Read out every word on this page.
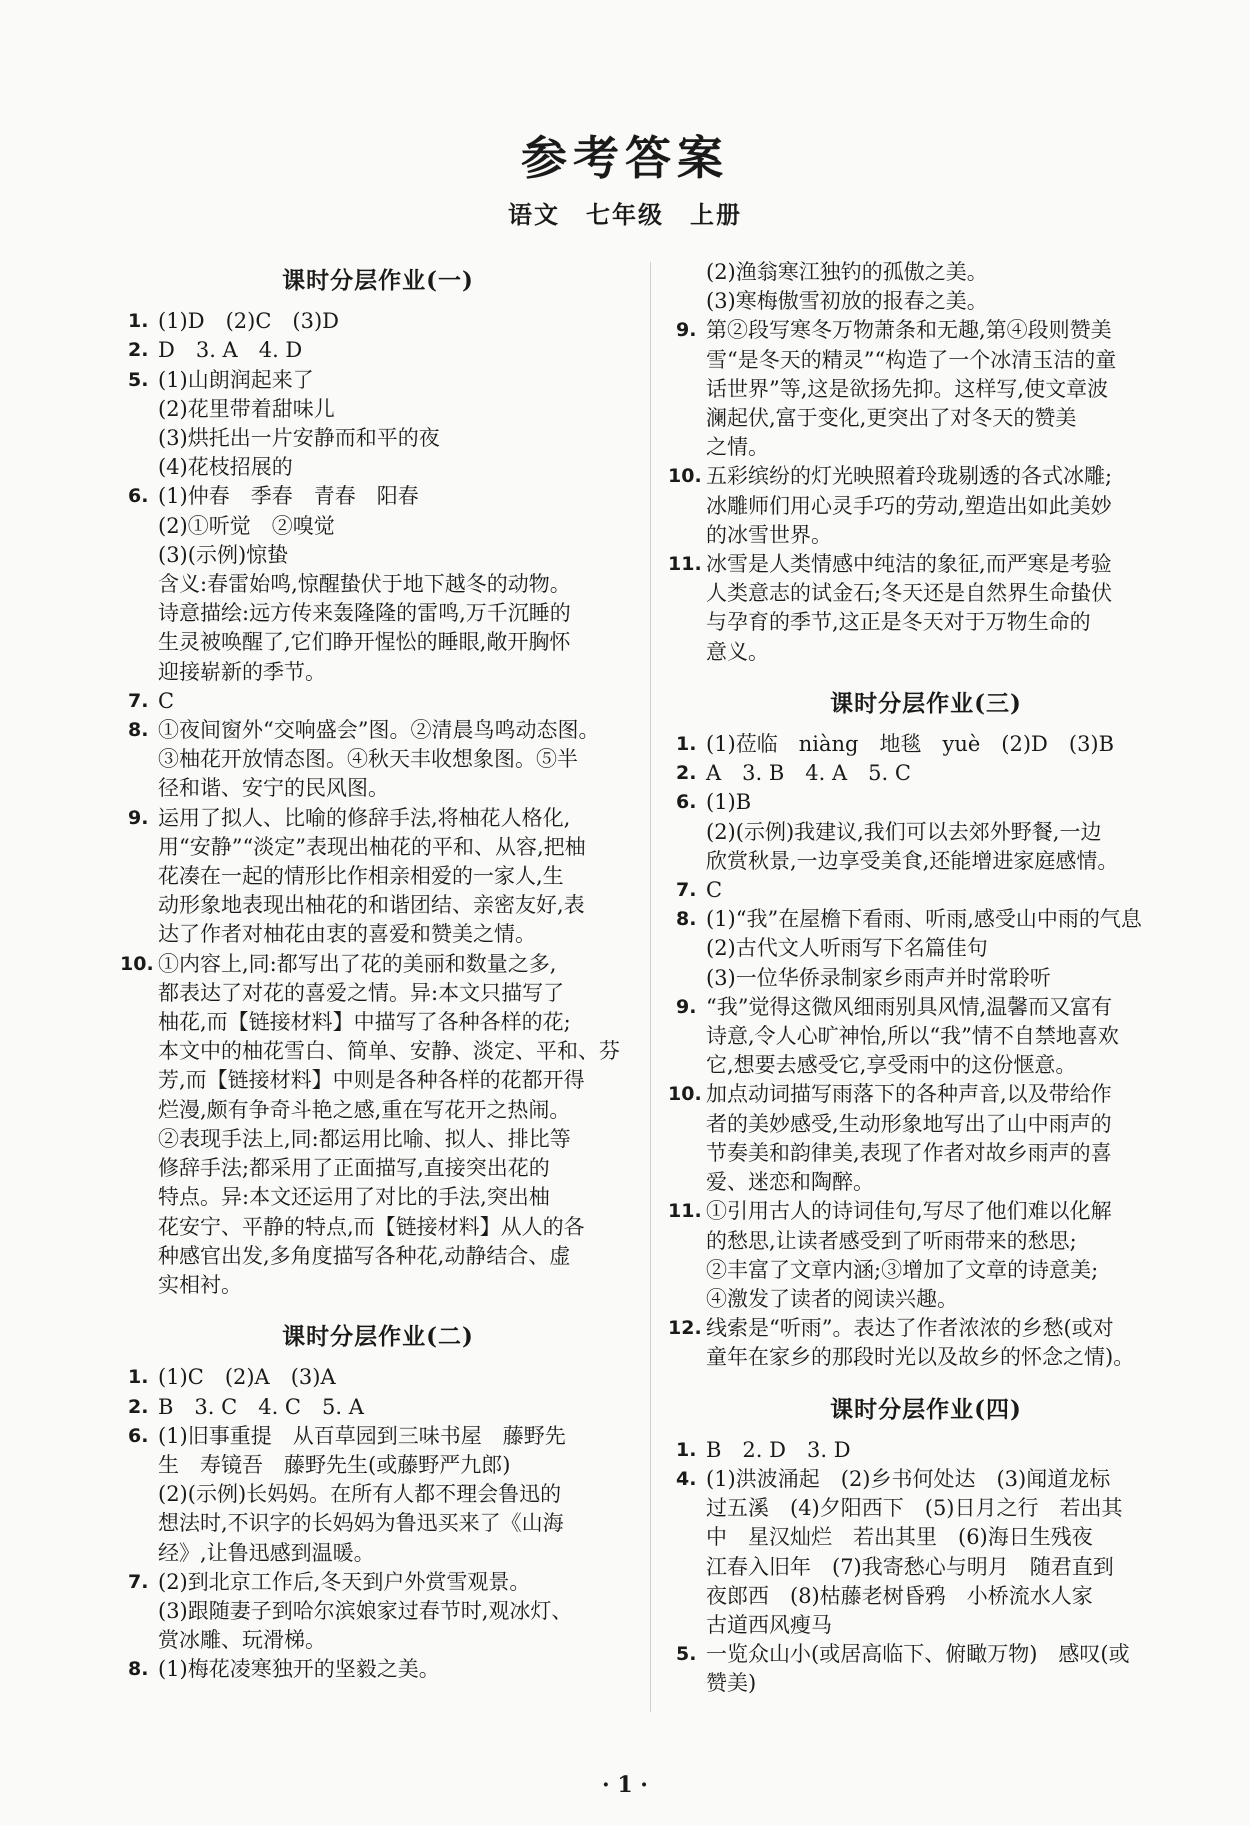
参考答案
语文　七年级　上册
课时分层作业(一)
1. (1)D　(2)C　(3)D
2. D　3. A　4. D
5. (1)山朗润起来了
(2)花里带着甜味儿
(3)烘托出一片安静而和平的夜
(4)花枝招展的
6. (1)仲春　季春　青春　阳春
(2)①听觉　②嗅觉
(3)(示例)惊蛰
含义:春雷始鸣,惊醒蛰伏于地下越冬的动物。
诗意描绘:远方传来轰隆隆的雷鸣,万千沉睡的
生灵被唤醒了,它们睁开惺忪的睡眼,敞开胸怀
迎接崭新的季节。
7. C
8. ①夜间窗外“交响盛会”图。②清晨鸟鸣动态图。
③柚花开放情态图。④秋天丰收想象图。⑤半
径和谐、安宁的民风图。
9. 运用了拟人、比喻的修辞手法,将柚花人格化,
用“安静”“淡定”表现出柚花的平和、从容,把柚
花凑在一起的情形比作相亲相爱的一家人,生
动形象地表现出柚花的和谐团结、亲密友好,表
达了作者对柚花由衷的喜爱和赞美之情。
10. ①内容上,同:都写出了花的美丽和数量之多,
都表达了对花的喜爱之情。异:本文只描写了
柚花,而【链接材料】中描写了各种各样的花;
本文中的柚花雪白、简单、安静、淡定、平和、芬
芳,而【链接材料】中则是各种各样的花都开得
烂漫,颇有争奇斗艳之感,重在写花开之热闹。
②表现手法上,同:都运用比喻、拟人、排比等
修辞手法;都采用了正面描写,直接突出花的
特点。异:本文还运用了对比的手法,突出柚
花安宁、平静的特点,而【链接材料】从人的各
种感官出发,多角度描写各种花,动静结合、虚
实相衬。
课时分层作业(二)
1. (1)C　(2)A　(3)A
2. B　3. C　4. C　5. A
6. (1)旧事重提　从百草园到三味书屋　藤野先
生　寿镜吾　藤野先生(或藤野严九郎)
(2)(示例)长妈妈。在所有人都不理会鲁迅的
想法时,不识字的长妈妈为鲁迅买来了《山海
经》,让鲁迅感到温暖。
7. (2)到北京工作后,冬天到户外赏雪观景。
(3)跟随妻子到哈尔滨娘家过春节时,观冰灯、
赏冰雕、玩滑梯。
8. (1)梅花凌寒独开的坚毅之美。
(2)渔翁寒江独钓的孤傲之美。
(3)寒梅傲雪初放的报春之美。
9. 第②段写寒冬万物萧条和无趣,第④段则赞美
雪“是冬天的精灵”“构造了一个冰清玉洁的童
话世界”等,这是欲扬先抑。这样写,使文章波
澜起伏,富于变化,更突出了对冬天的赞美
之情。
10. 五彩缤纷的灯光映照着玲珑剔透的各式冰雕;
冰雕师们用心灵手巧的劳动,塑造出如此美妙
的冰雪世界。
11. 冰雪是人类情感中纯洁的象征,而严寒是考验
人类意志的试金石;冬天还是自然界生命蛰伏
与孕育的季节,这正是冬天对于万物生命的
意义。
课时分层作业(三)
1. (1)莅临　niàng　地毯　yuè　(2)D　(3)B
2. A　3. B　4. A　5. C
6. (1)B
(2)(示例)我建议,我们可以去郊外野餐,一边
欣赏秋景,一边享受美食,还能增进家庭感情。
7. C
8. (1)“我”在屋檐下看雨、听雨,感受山中雨的气息
(2)古代文人听雨写下名篇佳句
(3)一位华侨录制家乡雨声并时常聆听
9. “我”觉得这微风细雨别具风情,温馨而又富有
诗意,令人心旷神怡,所以“我”情不自禁地喜欢
它,想要去感受它,享受雨中的这份惬意。
10. 加点动词描写雨落下的各种声音,以及带给作
者的美妙感受,生动形象地写出了山中雨声的
节奏美和韵律美,表现了作者对故乡雨声的喜
爱、迷恋和陶醉。
11. ①引用古人的诗词佳句,写尽了他们难以化解
的愁思,让读者感受到了听雨带来的愁思;
②丰富了文章内涵;③增加了文章的诗意美;
④激发了读者的阅读兴趣。
12. 线索是“听雨”。表达了作者浓浓的乡愁(或对
童年在家乡的那段时光以及故乡的怀念之情)。
课时分层作业(四)
1. B　2. D　3. D
4. (1)洪波涌起　(2)乡书何处达　(3)闻道龙标
过五溪　(4)夕阳西下　(5)日月之行　若出其
中　星汉灿烂　若出其里　(6)海日生残夜
江春入旧年　(7)我寄愁心与明月　随君直到
夜郎西　(8)枯藤老树昏鸦　小桥流水人家
古道西风瘦马
5. 一览众山小(或居高临下、俯瞰万物)　感叹(或
赞美)
· 1 ·
